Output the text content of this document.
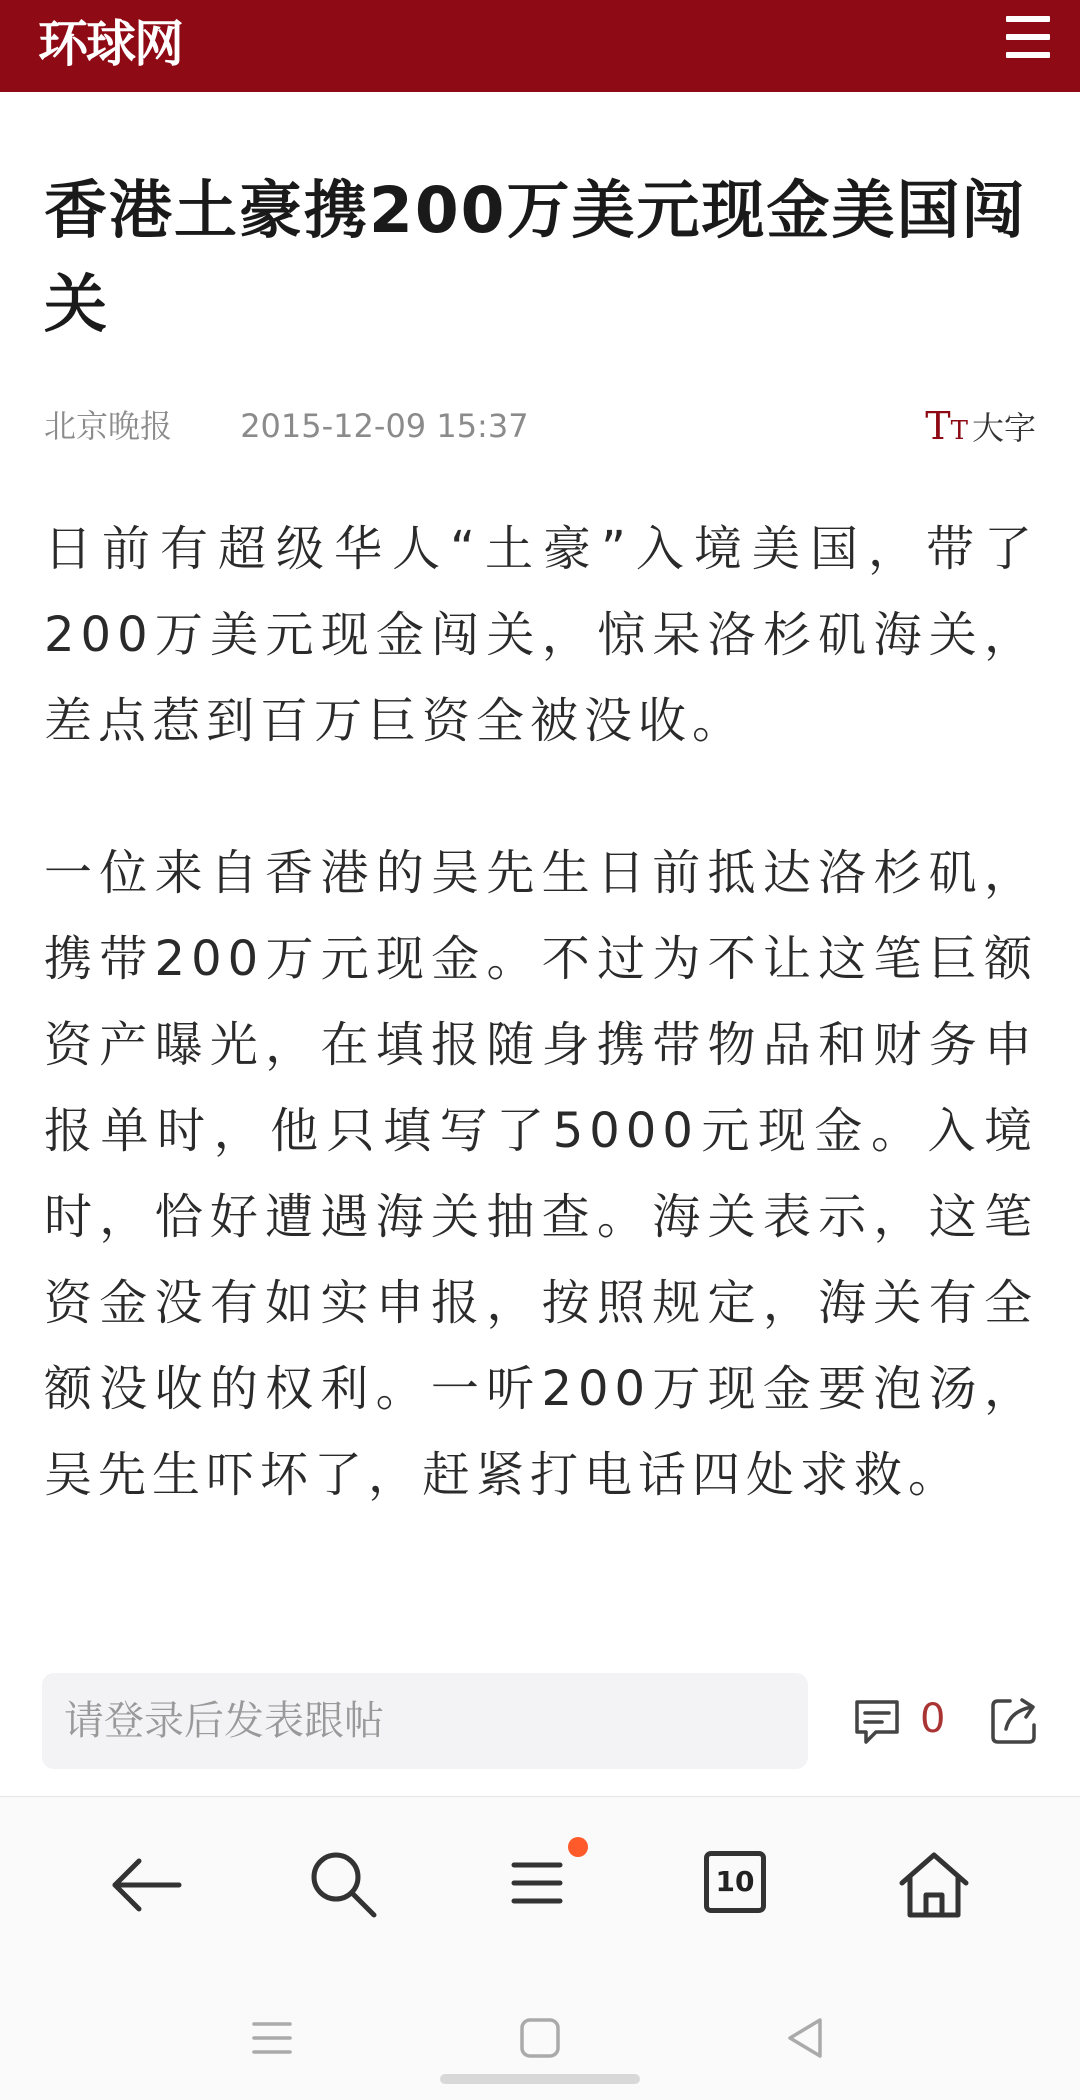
环球网
香港土豪携200万美元现金美国闯关
北京晚报 2015-12-09 15:37	TT 大字

日前有超级华人“土豪”入境美国，带了200万美元现金闯关，惊呆洛杉矶海关，差点惹到百万巨资全被没收。

一位来自香港的吴先生日前抵达洛杉矶，携带200万元现金。不过为不让这笔巨额资产曝光，在填报随身携带物品和财务申报单时，他只填写了5000元现金。入境时，恰好遭遇海关抽查。海关表示，这笔资金没有如实申报，按照规定，海关有全额没收的权利。一听200万现金要泡汤，吴先生吓坏了，赶紧打电话四处求救。

请登录后发表跟帖
0
10
